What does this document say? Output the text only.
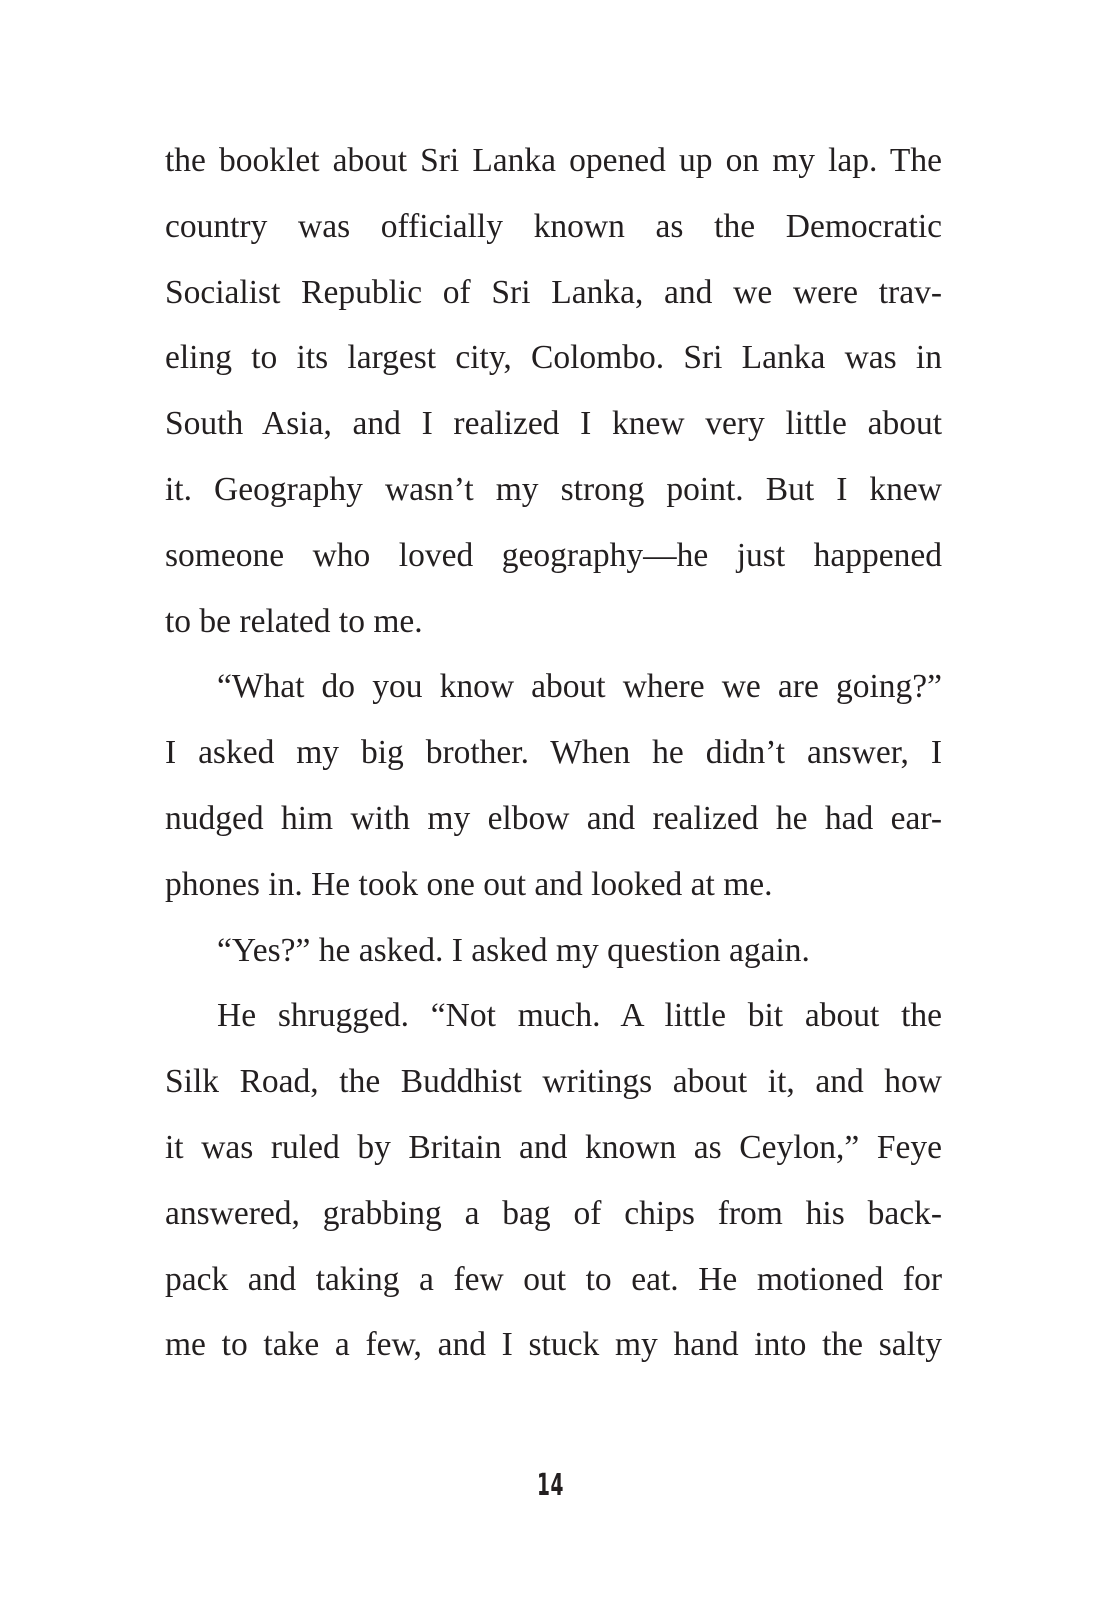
the booklet about Sri Lanka opened up on my lap. The
country was officially known as the Democratic
Socialist Republic of Sri Lanka, and we were trav-
eling to its largest city, Colombo. Sri Lanka was in
South Asia, and I realized I knew very little about
it. Geography wasn’t my strong point. But I knew
someone who loved geography—he just happened
to be related to me.
“What do you know about where we are going?”
I asked my big brother. When he didn’t answer, I
nudged him with my elbow and realized he had ear-
phones in. He took one out and looked at me.
“Yes?” he asked. I asked my question again.
He shrugged. “Not much. A little bit about the
Silk Road, the Buddhist writings about it, and how
it was ruled by Britain and known as Ceylon,” Feye
answered, grabbing a bag of chips from his back-
pack and taking a few out to eat. He motioned for
me to take a few, and I stuck my hand into the salty
14
